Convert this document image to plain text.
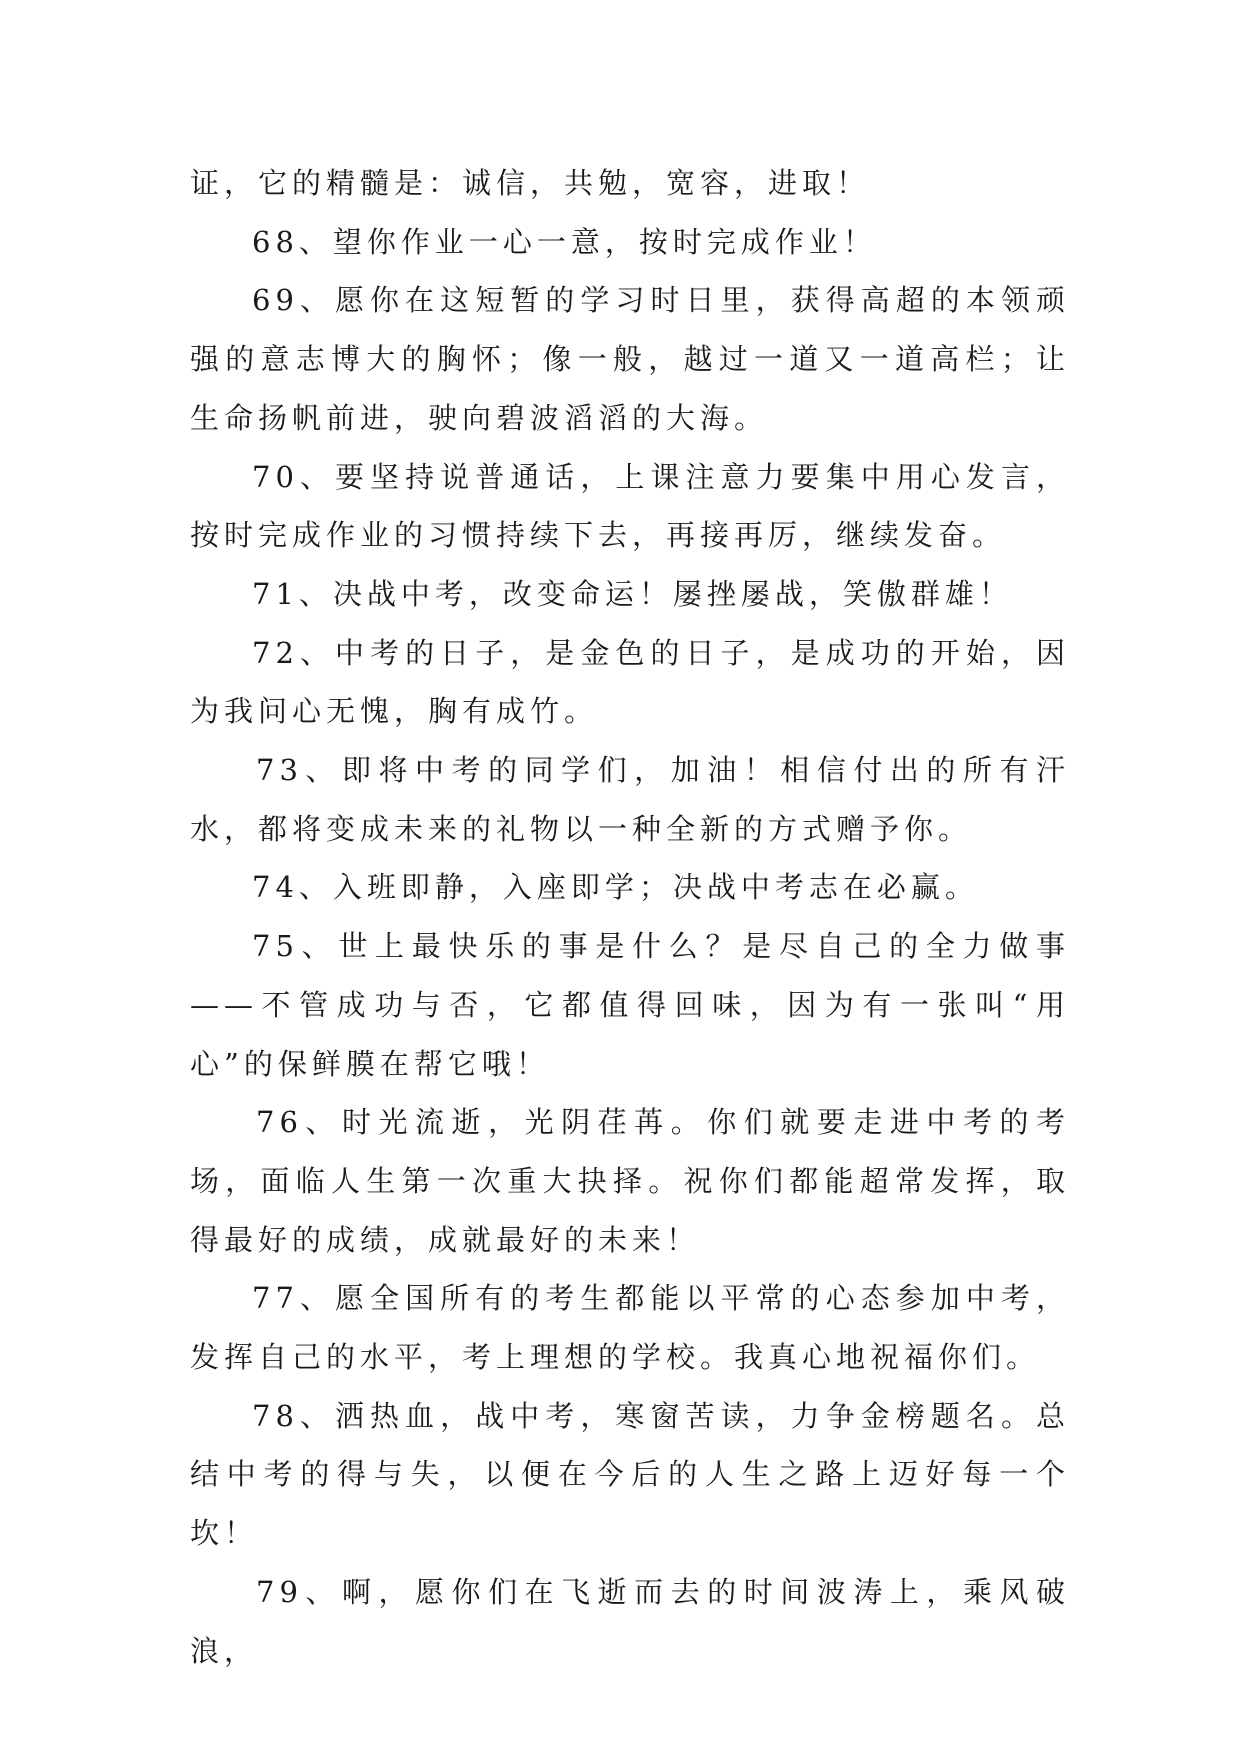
证，它的精髓是：诚信，共勉，宽容，进取！

68、望你作业一心一意，按时完成作业！

69、愿你在这短暂的学习时日里，获得高超的本领顽强的意志博大的胸怀；像一般，越过一道又一道高栏；让生命扬帆前进，驶向碧波滔滔的大海。

70、要坚持说普通话，上课注意力要集中用心发言，按时完成作业的习惯持续下去，再接再厉，继续发奋。

71、决战中考，改变命运！屡挫屡战，笑傲群雄！

72、中考的日子，是金色的日子，是成功的开始，因为我问心无愧，胸有成竹。

73、即将中考的同学们，加油！相信付出的所有汗水，都将变成未来的礼物以一种全新的方式赠予你。

74、入班即静，入座即学；决战中考志在必赢。

75、世上最快乐的事是什么？是尽自己的全力做事——不管成功与否，它都值得回味，因为有一张叫“用心”的保鲜膜在帮它哦！

76、时光流逝，光阴荏苒。你们就要走进中考的考场，面临人生第一次重大抉择。祝你们都能超常发挥，取得最好的成绩，成就最好的未来！

77、愿全国所有的考生都能以平常的心态参加中考，发挥自己的水平，考上理想的学校。我真心地祝福你们。

78、洒热血，战中考，寒窗苦读，力争金榜题名。总结中考的得与失，以便在今后的人生之路上迈好每一个坎！

79、啊，愿你们在飞逝而去的时间波涛上，乘风破浪，
